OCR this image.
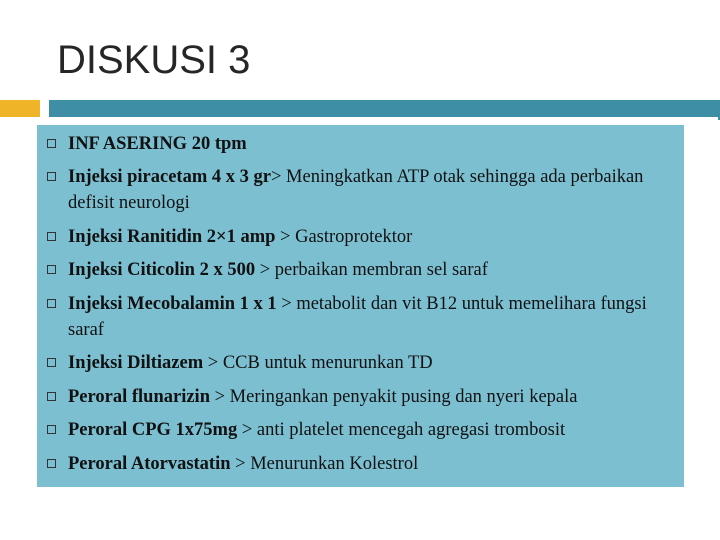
DISKUSI 3
INF ASERING 20 tpm
Injeksi piracetam 4 x 3 gr> Meningkatkan ATP otak sehingga ada perbaikan defisit neurologi
Injeksi Ranitidin 2×1 amp > Gastroprotektor
Injeksi Citicolin 2 x 500 > perbaikan membran sel saraf
Injeksi Mecobalamin 1 x 1 > metabolit dan vit B12 untuk memelihara fungsi saraf
Injeksi Diltiazem > CCB untuk menurunkan TD
Peroral flunarizin > Meringankan penyakit pusing dan nyeri kepala
Peroral CPG 1x75mg > anti platelet mencegah agregasi trombosit
Peroral Atorvastatin > Menurunkan Kolestrol
